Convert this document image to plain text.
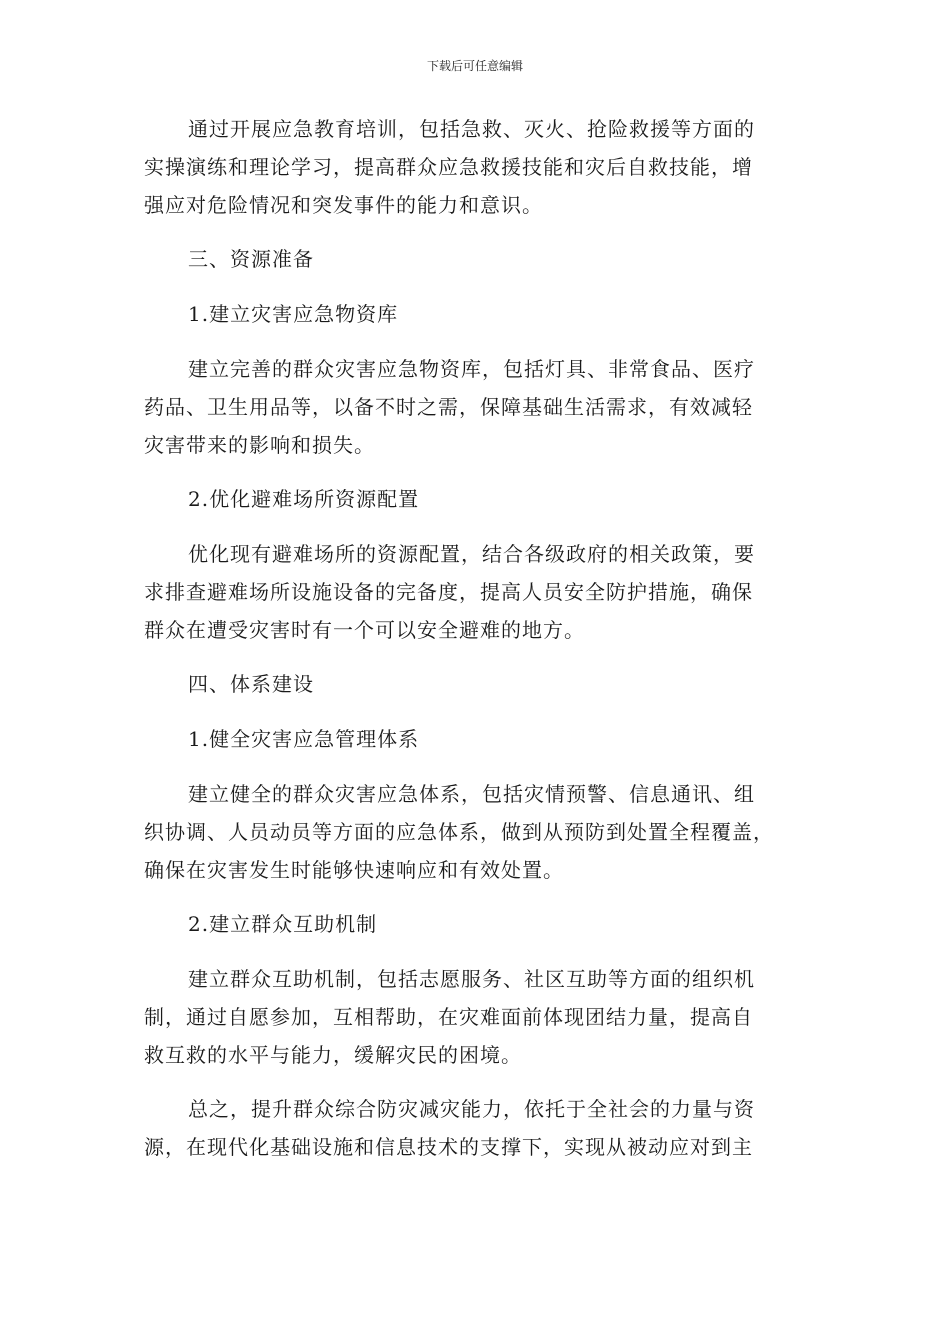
下载后可任意编辑

通过开展应急教育培训，包括急救、灭火、抢险救援等方面的
实操演练和理论学习，提高群众应急救援技能和灾后自救技能，增
强应对危险情况和突发事件的能力和意识。

三、资源准备

1.建立灾害应急物资库

建立完善的群众灾害应急物资库，包括灯具、非常食品、医疗
药品、卫生用品等，以备不时之需，保障基础生活需求，有效减轻
灾害带来的影响和损失。

2.优化避难场所资源配置

优化现有避难场所的资源配置，结合各级政府的相关政策，要
求排查避难场所设施设备的完备度，提高人员安全防护措施，确保
群众在遭受灾害时有一个可以安全避难的地方。

四、体系建设

1.健全灾害应急管理体系

建立健全的群众灾害应急体系，包括灾情预警、信息通讯、组
织协调、人员动员等方面的应急体系，做到从预防到处置全程覆盖，
确保在灾害发生时能够快速响应和有效处置。

2.建立群众互助机制

建立群众互助机制，包括志愿服务、社区互助等方面的组织机
制，通过自愿参加，互相帮助，在灾难面前体现团结力量，提高自
救互救的水平与能力，缓解灾民的困境。

总之，提升群众综合防灾减灾能力，依托于全社会的力量与资
源，在现代化基础设施和信息技术的支撑下，实现从被动应对到主
